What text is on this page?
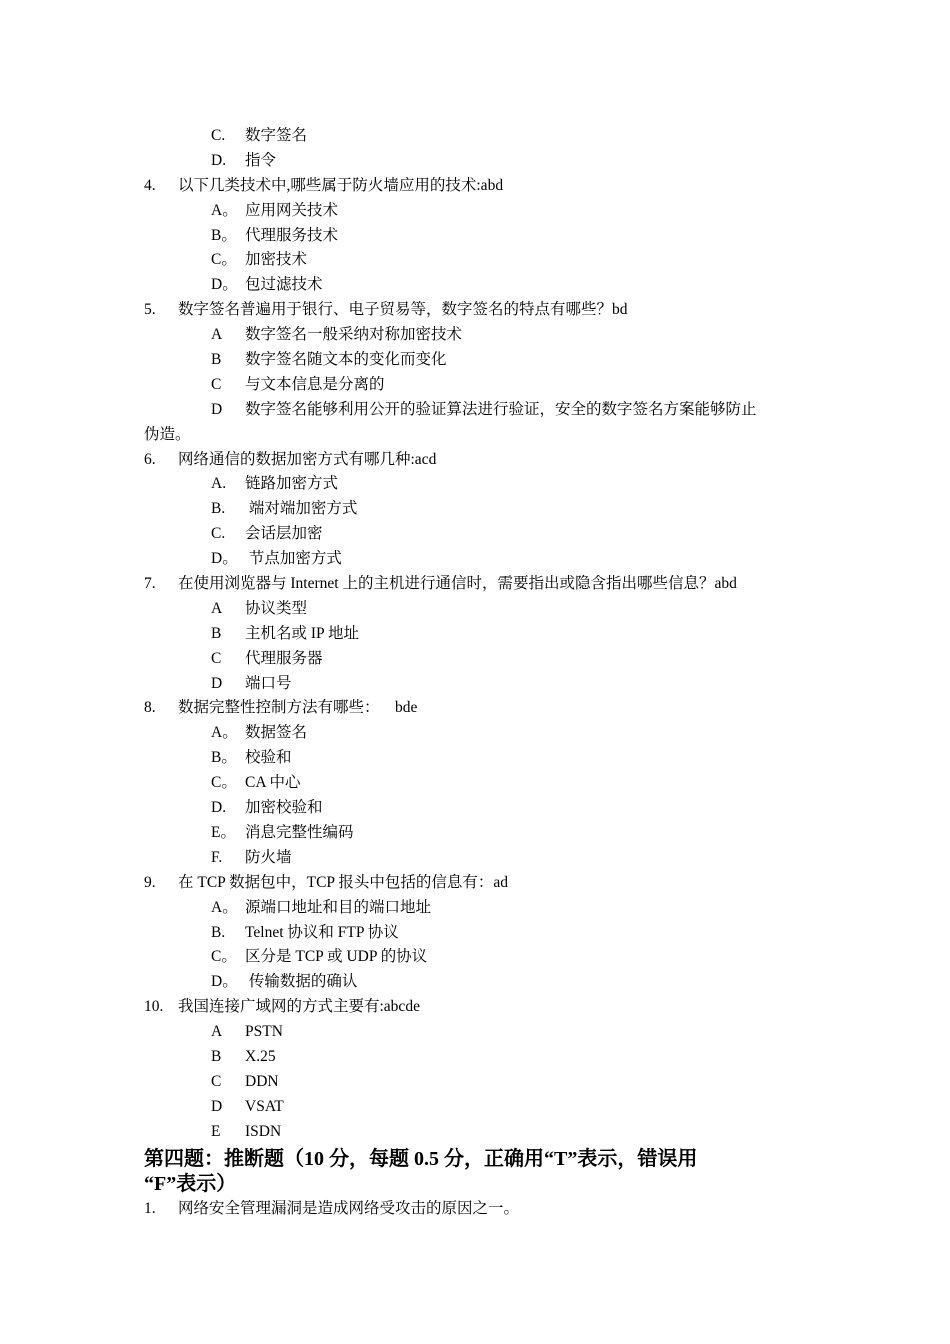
C.	数字签名
D.	指令
4.	以下几类技术中,哪些属于防火墙应用的技术:abd
A。 应用网关技术
B。 代理服务技术
C。 加密技术
D。 包过滤技术
5.	数字签名普遍用于银行、电子贸易等，数字签名的特点有哪些？bd
A	数字签名一般采纳对称加密技术
B	数字签名随文本的变化而变化
C	与文本信息是分离的
D	数字签名能够利用公开的验证算法进行验证，安全的数字签名方案能够防止
伪造。
6.	网络通信的数据加密方式有哪几种:acd
A.	链路加密方式
B.	端对端加密方式
C.	会话层加密
D。 节点加密方式
7.	在使用浏览器与 Internet 上的主机进行通信时，需要指出或隐含指出哪些信息？abd
A	协议类型
B	主机名或 IP 地址
C	代理服务器
D	端口号
8.	数据完整性控制方法有哪些：    bde
A。 数据签名
B。 校验和
C。 CA 中心
D.	加密校验和
E。 消息完整性编码
F.	防火墙
9.	在 TCP 数据包中，TCP 报头中包括的信息有：ad
A。 源端口地址和目的端口地址
B.	Telnet 协议和 FTP 协议
C。 区分是 TCP 或 UDP 的协议
D。 传输数据的确认
10. 我国连接广域网的方式主要有:abcde
A	PSTN
B	X.25
C	DDN
D	VSAT
E	ISDN
第四题：推断题（10 分，每题 0.5 分，正确用“T”表示，错误用
“F”表示）
1.	网络安全管理漏洞是造成网络受攻击的原因之一。
